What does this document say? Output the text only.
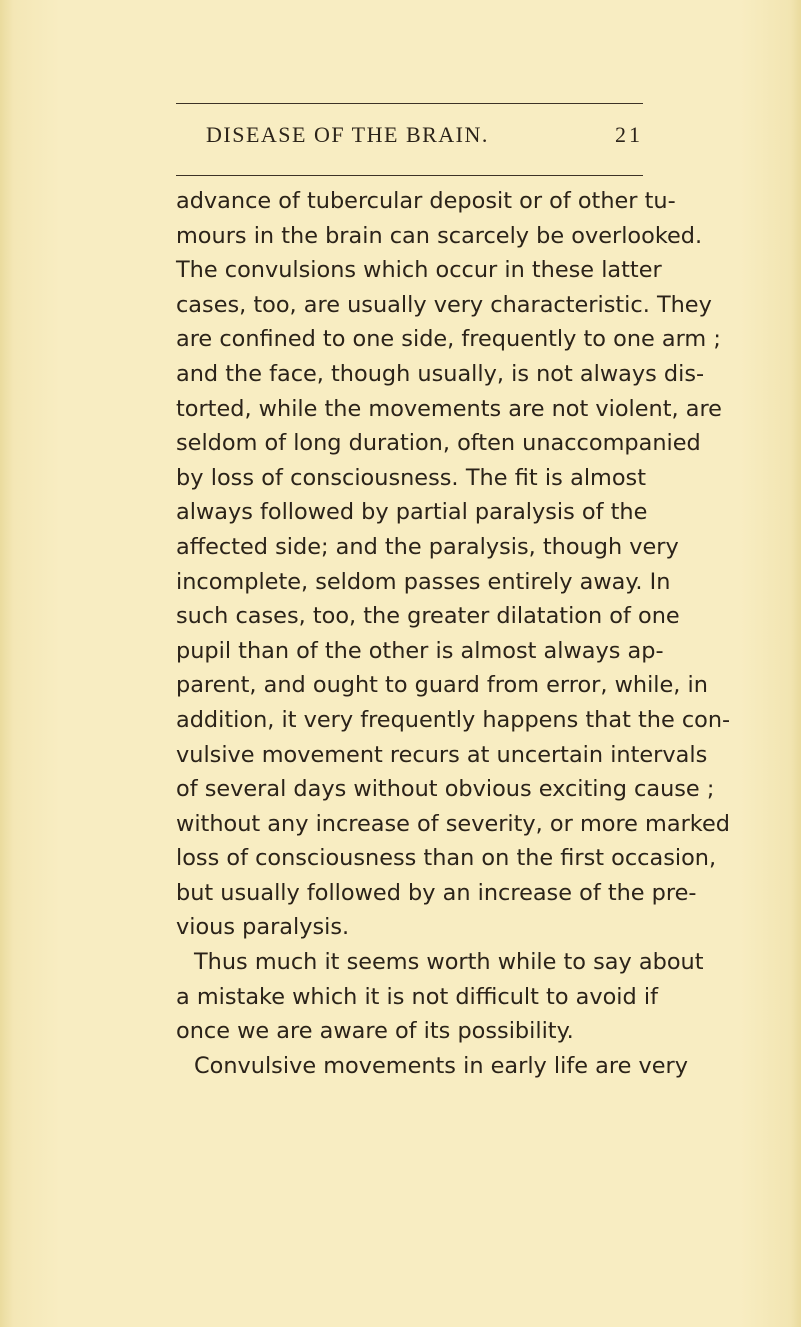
DISEASE OF THE BRAIN.	21
advance of tubercular deposit or of other tu-
mours in the brain can scarcely be overlooked.
The convulsions which occur in these latter
cases, too, are usually very characteristic. They
are confined to one side, frequently to one arm ;
and the face, though usually, is not always dis-
torted, while the movements are not violent, are
seldom of long duration, often unaccompanied
by loss of consciousness. The fit is almost
always followed by partial paralysis of the
affected side; and the paralysis, though very
incomplete, seldom passes entirely away. In
such cases, too, the greater dilatation of one
pupil than of the other is almost always ap-
parent, and ought to guard from error, while, in
addition, it very frequently happens that the con-
vulsive movement recurs at uncertain intervals
of several days without obvious exciting cause ;
without any increase of severity, or more marked
loss of consciousness than on the first occasion,
but usually followed by an increase of the pre-
vious paralysis.
Thus much it seems worth while to say about
a mistake which it is not difficult to avoid if
once we are aware of its possibility.
Convulsive movements in early life are very
